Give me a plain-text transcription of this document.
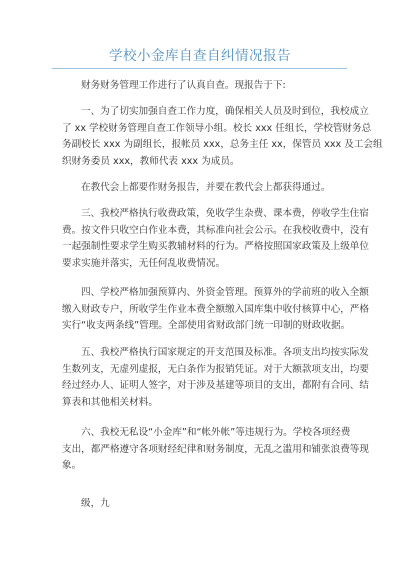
学校小金库自查自纠情况报告
财务财务管理工作进行了认真自查。现报告于下:
一、为了切实加强自查工作力度，确保相关人员及时到位，我校成立
了 xx 学校财务管理自查工作领导小组。校长 xxx 任组长，学校管财务总
务副校长 xxx 为副组长，报帐员 xxx，总务主任 xx，保管员 xxx 及工会组
织财务委员 xxx，教师代表 xxx 为成员。
在教代会上都要作财务报告，并要在教代会上都获得通过。
三、我校严格执行收费政策，免收学生杂费、课本费，停收学生住宿
费。按文件只收空白作业本费，其标准向社会公示。在我校收费中，没有
一起强制性要求学生购买教辅材料的行为。严格按照国家政策及上级单位
要求实施并落实，无任何乱收费情况。
四、学校严格加强预算内、外资金管理。预算外的学前班的收入全额
缴入财政专户，所收学生作业本费全额缴入国库集中收付核算中心，严格
实行“收支两条线”管理。全部使用省财政部门统一印制的财政收据。
五、我校严格执行国家规定的开支范围及标准。各项支出均按实际发
生数列支，无虚列虚报，无白条作为报销凭证。对于大额款项支出，均要
经过经办人、证明人签字，对于涉及基建等项目的支出，都附有合同、结
算表和其他相关材料。
六、我校无私设“小金库”和“帐外帐”等违规行为。学校各项经费
支出，都严格遵守各项财经纪律和财务制度，无乱之滥用和铺张浪费等现
象。
级，九
